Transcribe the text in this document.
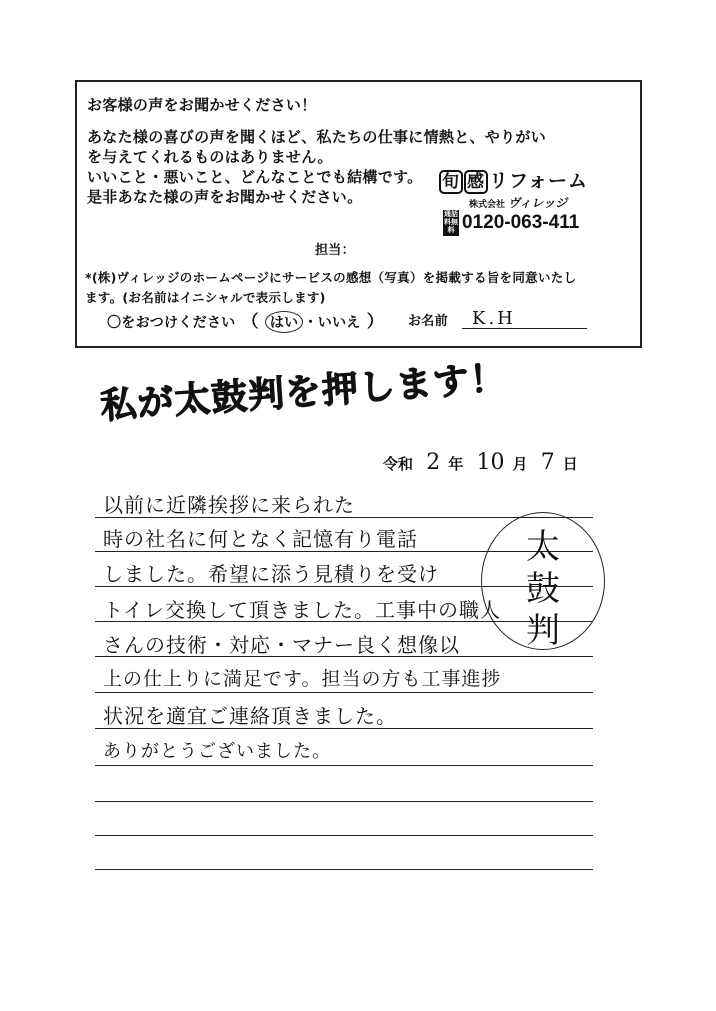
お客様の声をお聞かせください！
あなた様の喜びの声を聞くほど、私たちの仕事に情熱と、やりがい
を与えてくれるものはありません。
いいこと・悪いこと、どんなことでも結構です。
是非あなた様の声をお聞かせください。
旬 感 リフォーム
株式会社 ヴィレッジ
通話料無料 0120-063-411
担当：
*(株)ヴィレッジのホームページにサービスの感想（写真）を掲載する旨を同意いたし
ます。(お名前はイニシャルで表示します)
〇をおつけください （ はい ・いいえ ）	お名前 K.H
私が太鼓判を押します！
令和 2 年 10 月 7 日
以前に近隣挨拶に来られた
時の社名に何となく記憶有り電話
しました。希望に添う見積りを受け
トイレ交換して頂きました。工事中の職人
さんの技術・対応・マナー良く想像以
上の仕上りに満足です。担当の方も工事進捗
状況を適宜ご連絡頂きました。
ありがとうございました。
太
鼓
判
